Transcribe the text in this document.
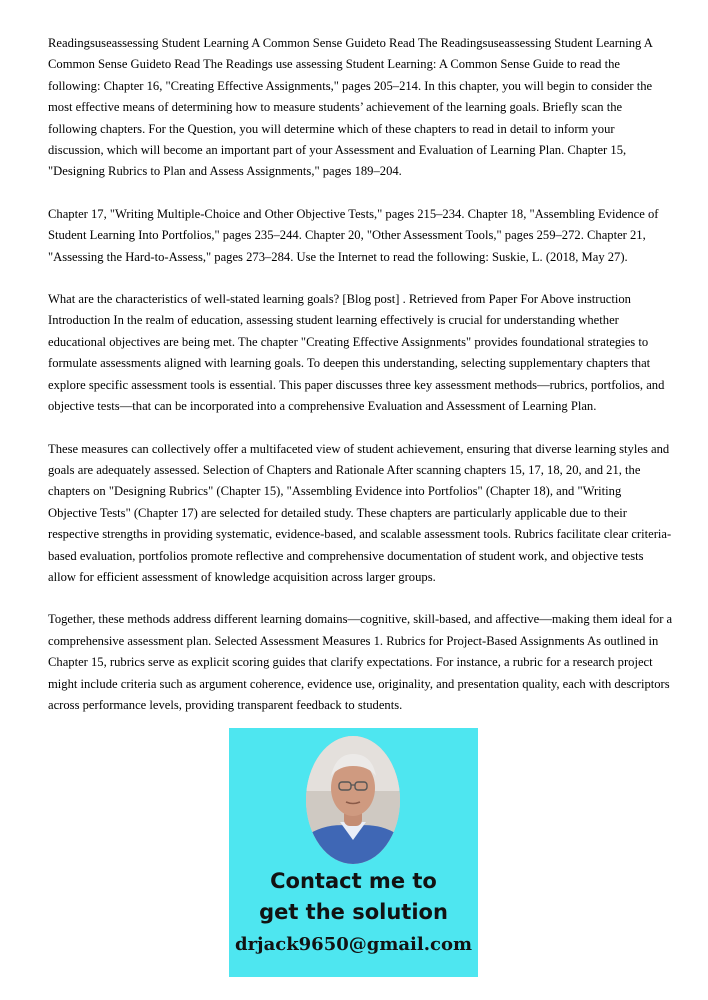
Readingsuseassessing Student Learning A Common Sense Guideto Read The Readingsuseassessing Student Learning A Common Sense Guideto Read The Readings use assessing Student Learning: A Common Sense Guide to read the following: Chapter 16, "Creating Effective Assignments," pages 205–214. In this chapter, you will begin to consider the most effective means of determining how to measure students’ achievement of the learning goals. Briefly scan the following chapters. For the Question, you will determine which of these chapters to read in detail to inform your discussion, which will become an important part of your Assessment and Evaluation of Learning Plan. Chapter 15, "Designing Rubrics to Plan and Assess Assignments," pages 189–204.

Chapter 17, "Writing Multiple-Choice and Other Objective Tests," pages 215–234. Chapter 18, "Assembling Evidence of Student Learning Into Portfolios," pages 235–244. Chapter 20, "Other Assessment Tools," pages 259–272. Chapter 21, "Assessing the Hard-to-Assess," pages 273–284. Use the Internet to read the following: Suskie, L. (2018, May 27).

What are the characteristics of well-stated learning goals? [Blog post] . Retrieved from Paper For Above instruction Introduction In the realm of education, assessing student learning effectively is crucial for understanding whether educational objectives are being met. The chapter "Creating Effective Assignments" provides foundational strategies to formulate assessments aligned with learning goals. To deepen this understanding, selecting supplementary chapters that explore specific assessment tools is essential. This paper discusses three key assessment methods—rubrics, portfolios, and objective tests—that can be incorporated into a comprehensive Evaluation and Assessment of Learning Plan.

These measures can collectively offer a multifaceted view of student achievement, ensuring that diverse learning styles and goals are adequately assessed. Selection of Chapters and Rationale After scanning chapters 15, 17, 18, 20, and 21, the chapters on "Designing Rubrics" (Chapter 15), "Assembling Evidence into Portfolios" (Chapter 18), and "Writing Objective Tests" (Chapter 17) are selected for detailed study. These chapters are particularly applicable due to their respective strengths in providing systematic, evidence-based, and scalable assessment tools. Rubrics facilitate clear criteria-based evaluation, portfolios promote reflective and comprehensive documentation of student work, and objective tests allow for efficient assessment of knowledge acquisition across larger groups.

Together, these methods address different learning domains—cognitive, skill-based, and affective—making them ideal for a comprehensive assessment plan. Selected Assessment Measures 1. Rubrics for Project-Based Assignments As outlined in Chapter 15, rubrics serve as explicit scoring guides that clarify expectations. For instance, a rubric for a research project might include criteria such as argument coherence, evidence use, originality, and presentation quality, each with descriptors across performance levels, providing transparent feedback to students.

Contact me to
get the solution
drjack9650@gmail.com
